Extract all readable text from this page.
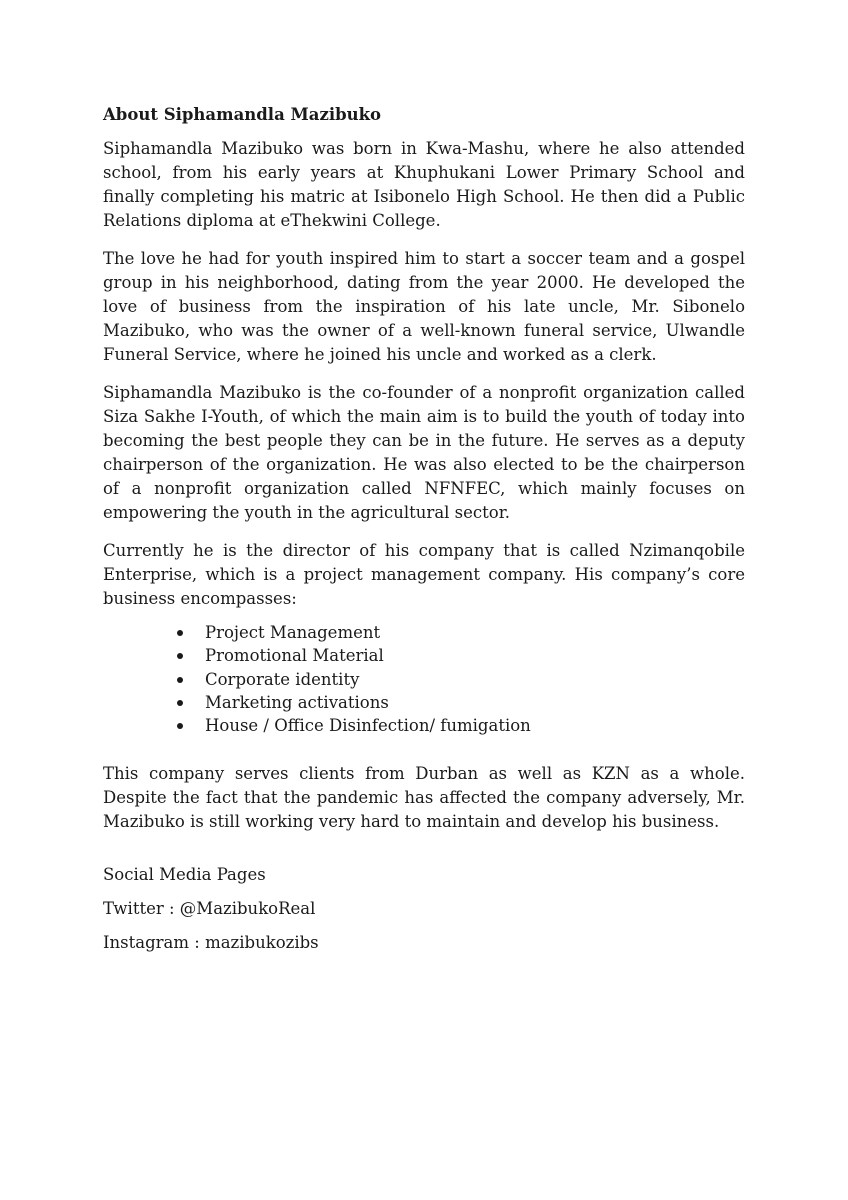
About Siphamandla Mazibuko

Siphamandla Mazibuko was born in Kwa-Mashu, where he also attended school, from his early years at Khuphukani Lower Primary School and finally completing his matric at Isibonelo High School. He then did a Public Relations diploma at eThekwini College.

The love he had for youth inspired him to start a soccer team and a gospel group in his neighborhood, dating from the year 2000. He developed the love of business from the inspiration of his late uncle, Mr. Sibonelo Mazibuko, who was the owner of a well-known funeral service, Ulwandle Funeral Service, where he joined his uncle and worked as a clerk.

Siphamandla Mazibuko is the co-founder of a nonprofit organization called Siza Sakhe I-Youth, of which the main aim is to build the youth of today into becoming the best people they can be in the future. He serves as a deputy chairperson of the organization. He was also elected to be the chairperson of a nonprofit organization called NFNFEC, which mainly focuses on empowering the youth in the agricultural sector.

Currently he is the director of his company that is called Nzimanqobile Enterprise, which is a project management company. His company’s core business encompasses:

Project Management
Promotional Material
Corporate identity
Marketing activations
House / Office Disinfection/ fumigation

This company serves clients from Durban as well as KZN as a whole. Despite the fact that the pandemic has affected the company adversely, Mr. Mazibuko is still working very hard to maintain and develop his business.

Social Media Pages

Twitter : @MazibukoReal

Instagram : mazibukozibs
